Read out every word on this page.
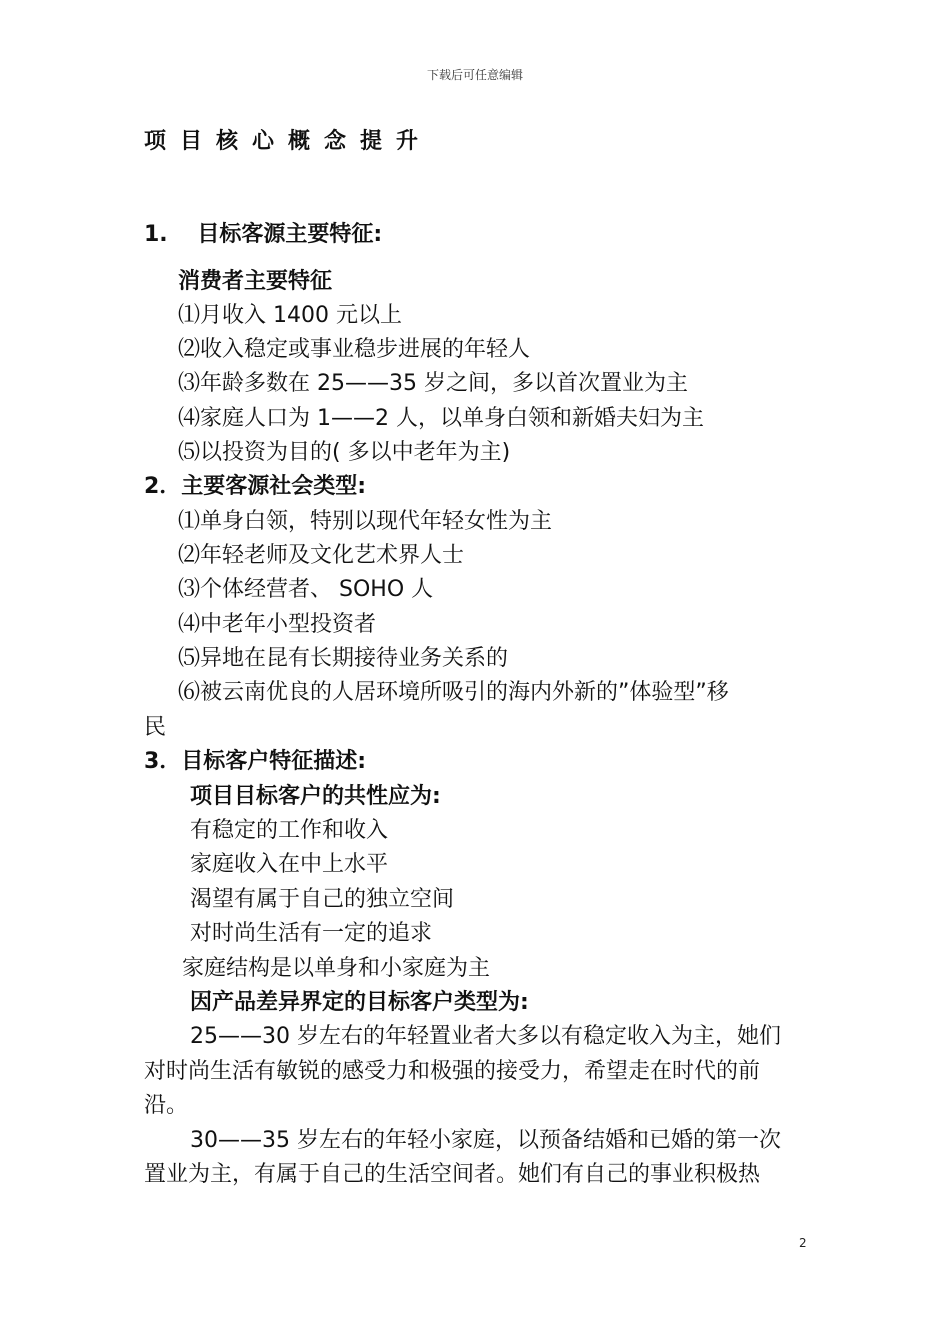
下载后可任意编辑
项目核心概念提升
1.　 目标客源主要特征:
消费者主要特征
⑴月收入 1400 元以上
⑵收入稳定或事业稳步进展的年轻人
⑶年龄多数在 25——35 岁之间，多以首次置业为主
⑷家庭人口为 1——2 人，以单身白领和新婚夫妇为主
⑸以投资为目的( 多以中老年为主)
2．主要客源社会类型:
⑴单身白领，特别以现代年轻女性为主
⑵年轻老师及文化艺术界人士
⑶个体经营者、 SOHO 人
⑷中老年小型投资者
⑸异地在昆有长期接待业务关系的
⑹被云南优良的人居环境所吸引的海内外新的”体验型”移
民
3．目标客户特征描述:
项目目标客户的共性应为:
有稳定的工作和收入
家庭收入在中上水平
渴望有属于自己的独立空间
对时尚生活有一定的追求
家庭结构是以单身和小家庭为主
因产品差异界定的目标客户类型为:
25——30 岁左右的年轻置业者大多以有稳定收入为主，她们
对时尚生活有敏锐的感受力和极强的接受力，希望走在时代的前
沿。
30——35 岁左右的年轻小家庭，以预备结婚和已婚的第一次
置业为主，有属于自己的生活空间者。她们有自己的事业积极热
2
